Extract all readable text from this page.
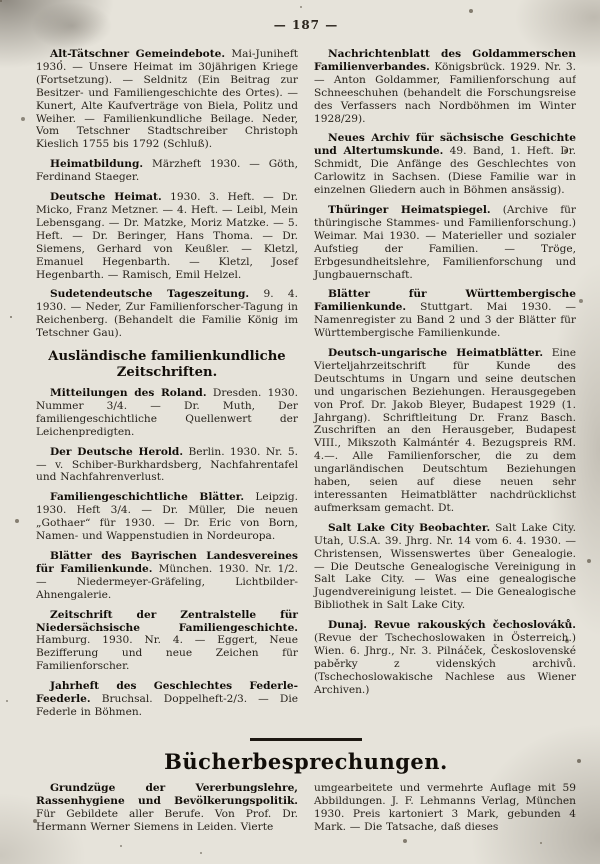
— 187 —

Alt-Tätschner Gemeindebote. Mai-Juniheft 1930. — Unsere Heimat im 30jährigen Kriege (Fortsetzung). — Seldnitz (Ein Beitrag zur Besitzer- und Familiengeschichte des Ortes). — Kunert, Alte Kaufverträge von Biela, Politz und Weiher. — Familienkundliche Beilage. Neder, Vom Tetschner Stadtschreiber Christoph Kieslich 1755 bis 1792 (Schluß).

Heimatbildung. Märzheft 1930. — Göth, Ferdinand Staeger.

Deutsche Heimat. 1930. 3. Heft. — Dr. Micko, Franz Metzner. — 4. Heft. — Leibl, Mein Lebensgang. — Dr. Matzke, Moriz Matzke. — 5. Heft. — Dr. Beringer, Hans Thoma. — Dr. Siemens, Gerhard von Keußler. — Kletzl, Emanuel Hegenbarth. — Kletzl, Josef Hegenbarth. — Ramisch, Emil Helzel.

Sudetendeutsche Tageszeitung. 9. 4. 1930. — Neder, Zur Familienforscher-Tagung in Reichenberg. (Behandelt die Familie König im Tetschner Gau).

Ausländische familienkundliche Zeitschriften.

Mitteilungen des Roland. Dresden. 1930. Nummer 3/4. — Dr. Muth, Der familiengeschichtliche Quellenwert der Leichenpredigten.

Der Deutsche Herold. Berlin. 1930. Nr. 5. — v. Schiber-Burkhardsberg, Nachfahrentafel und Nachfahrenverlust.

Familiengeschichtliche Blätter. Leipzig. 1930. Heft 3/4. — Dr. Müller, Die neuen „Gothaer“ für 1930. — Dr. Eric von Born, Namen- und Wappenstudien in Nordeuropa.

Blätter des Bayrischen Landesvereines für Familienkunde. München. 1930. Nr. 1/2. — Niedermeyer-Gräfeling, Lichtbilder-Ahnengalerie.

Zeitschrift der Zentralstelle für Niedersächsische Familiengeschichte. Hamburg. 1930. Nr. 4. — Eggert, Neue Bezifferung und neue Zeichen für Familienforscher.

Jahrheft des Geschlechtes Federle-Feederle. Bruchsal. Doppelheft-2/3. — Die Federle in Böhmen.

Nachrichtenblatt des Goldammerschen Familienverbandes. Königsbrück. 1929. Nr. 3. — Anton Goldammer, Familienforschung auf Schneeschuhen (behandelt die Forschungsreise des Verfassers nach Nordböhmen im Winter 1928/29).

Neues Archiv für sächsische Geschichte und Altertumskunde. 49. Band, 1. Heft. Dr. Schmidt, Die Anfänge des Geschlechtes von Carlowitz in Sachsen. (Diese Familie war in einzelnen Gliedern auch in Böhmen ansässig).

Thüringer Heimatspiegel. (Archive für thüringische Stammes- und Familienforschung.) Weimar. Mai 1930. — Materieller und sozialer Aufstieg der Familien. — Tröge, Erbgesundheitslehre, Familienforschung und Jungbauernschaft.

Blätter für Württembergische Familienkunde. Stuttgart. Mai 1930. — Namenregister zu Band 2 und 3 der Blätter für Württembergische Familienkunde.

Deutsch-ungarische Heimatblätter. Eine Vierteljahrzeitschrift für Kunde des Deutschtums in Ungarn und seine deutschen und ungarischen Beziehungen. Herausgegeben von Prof. Dr. Jakob Bleyer, Budapest 1929 (1. Jahrgang). Schriftleitung Dr. Franz Basch. Zuschriften an den Herausgeber, Budapest VIII., Mikszoth Kalmántér 4. Bezugspreis RM. 4.—. Alle Familienforscher, die zu dem ungarländischen Deutschtum Beziehungen haben, seien auf diese neuen sehr interessanten Heimatblätter nachdrücklichst aufmerksam gemacht. Dt.

Salt Lake City Beobachter. Salt Lake City. Utah, U.S.A. 39. Jhrg. Nr. 14 vom 6. 4. 1930. — Christensen, Wissenswertes über Genealogie. — Die Deutsche Genealogische Vereinigung in Salt Lake City. — Was eine genealogische Jugendvereinigung leistet. — Die Genealogische Bibliothek in Salt Lake City.

Dunaj. Revue rakouských čechoslováků. (Revue der Tschechoslowaken in Österreich.) Wien. 6. Jhrg., Nr. 3. Pilnáček, Československé paběrky z videnských archivů. (Tschechoslowakische Nachlese aus Wiener Archiven.)

Bücherbesprechungen.

Grundzüge der Vererbungslehre, Rassenhygiene und Bevölkerungspolitik. Für Gebildete aller Berufe. Von Prof. Dr. Hermann Werner Siemens in Leiden. Vierte

umgearbeitete und vermehrte Auflage mit 59 Abbildungen. J. F. Lehmanns Verlag, München 1930. Preis kartoniert 3 Mark, gebunden 4 Mark. — Die Tatsache, daß dieses
